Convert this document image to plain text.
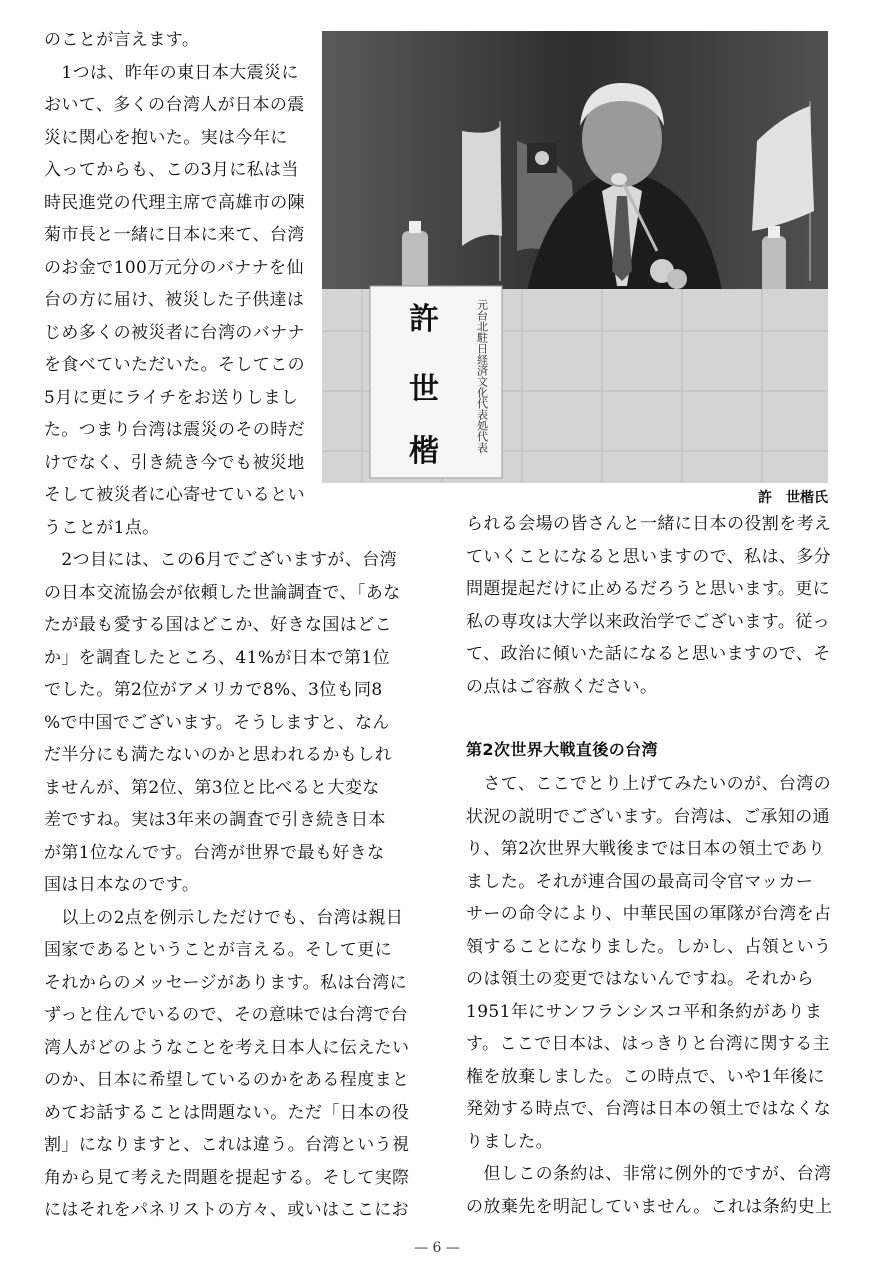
のことが言えます。

　1つは、昨年の東日本大震災に

おいて、多くの台湾人が日本の震

災に関心を抱いた。実は今年に

入ってからも、この3月に私は当

時民進党の代理主席で高雄市の陳

菊市長と一緒に日本に来て、台湾

のお金で100万元分のバナナを仙

台の方に届け、被災した子供達は

じめ多くの被災者に台湾のバナナ

を食べていただいた。そしてこの

5月に更にライチをお送りしまし

た。つまり台湾は震災のその時だ

けでなく、引き続き今でも被災地

そして被災者に心寄せているとい

うことが1点。

　2つ目には、この6月でございますが、台湾

の日本交流協会が依頼した世論調査で、「あな

たが最も愛する国はどこか、好きな国はどこ

か」を調査したところ、41%が日本で第1位

でした。第2位がアメリカで8%、3位も同8

%で中国でございます。そうしますと、なん

だ半分にも満たないのかと思われるかもしれ

ませんが、第2位、第3位と比べると大変な

差ですね。実は3年来の調査で引き続き日本

が第1位なんです。台湾が世界で最も好きな

国は日本なのです。

　以上の2点を例示しただけでも、台湾は親日

国家であるということが言える。そして更に

それからのメッセージがあります。私は台湾に

ずっと住んでいるので、その意味では台湾で台

湾人がどのようなことを考え日本人に伝えたい

のか、日本に希望しているのかをある程度まと

めてお話することは問題ない。ただ「日本の役

割」になりますと、これは違う。台湾という視

角から見て考えた問題を提起する。そして実際

にはそれをパネリストの方々、或いはここにお

られる会場の皆さんと一緒に日本の役割を考え

ていくことになると思いますので、私は、多分

問題提起だけに止めるだろうと思います。更に

私の専攻は大学以来政治学でございます。従っ

て、政治に傾いた話になると思いますので、そ

の点はご容赦ください。

第2次世界大戦直後の台湾

　さて、ここでとり上げてみたいのが、台湾の

状況の説明でございます。台湾は、ご承知の通

り、第2次世界大戦後までは日本の領土であり

ました。それが連合国の最高司令官マッカー

サーの命令により、中華民国の軍隊が台湾を占

領することになりました。しかし、占領という

のは領土の変更ではないんですね。それから

1951年にサンフランシスコ平和条約がありま

す。ここで日本は、はっきりと台湾に関する主

権を放棄しました。この時点で、いや1年後に

発効する時点で、台湾は日本の領土ではなくな

りました。

　但しこの条約は、非常に例外的ですが、台湾

の放棄先を明記していません。これは条約史上

許
世
楷	元台北駐日経済文化代表処代表

許　世楷氏

— 6 —
